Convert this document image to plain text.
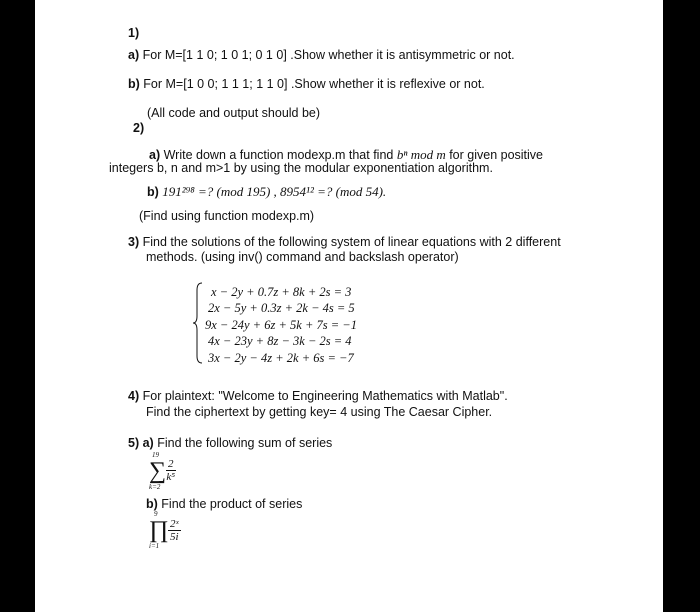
1)
a) For M=[1 1 0; 1 0 1; 0 1 0] .Show whether it is antisymmetric or not.
b) For M=[1 0 0; 1 1 1; 1 1 0] .Show whether it is reflexive or not.
(All code and output should be)
2)
a) Write down a function modexp.m that find bⁿ mod m for given positive
integers b, n and m>1 by using the modular exponentiation algorithm.
b) 191²⁹⁸ =? (mod 195) , 8954¹² =? (mod 54).
(Find using function modexp.m)
3) Find the solutions of the following system of linear equations with 2 different
methods. (using inv() command and backslash operator)
x − 2y + 0.7z + 8k + 2s = 3
2x − 5y + 0.3z + 2k − 4s = 5
9x − 24y + 6z + 5k + 7s = −1
4x − 23y + 8z − 3k − 2s = 4
3x − 2y − 4z + 2k + 6s = −7
4) For plaintext: "Welcome to Engineering Mathematics with Matlab".
Find the ciphertext by getting key= 4 using The Caesar Cipher.
5) a) Find the following sum of series
19
∑
k=2
$\frac{2}{\text{k⁵}}$
b) Find the product of series
9
∏
i=1
$\frac{\text{2ˣ}}{5i}$
